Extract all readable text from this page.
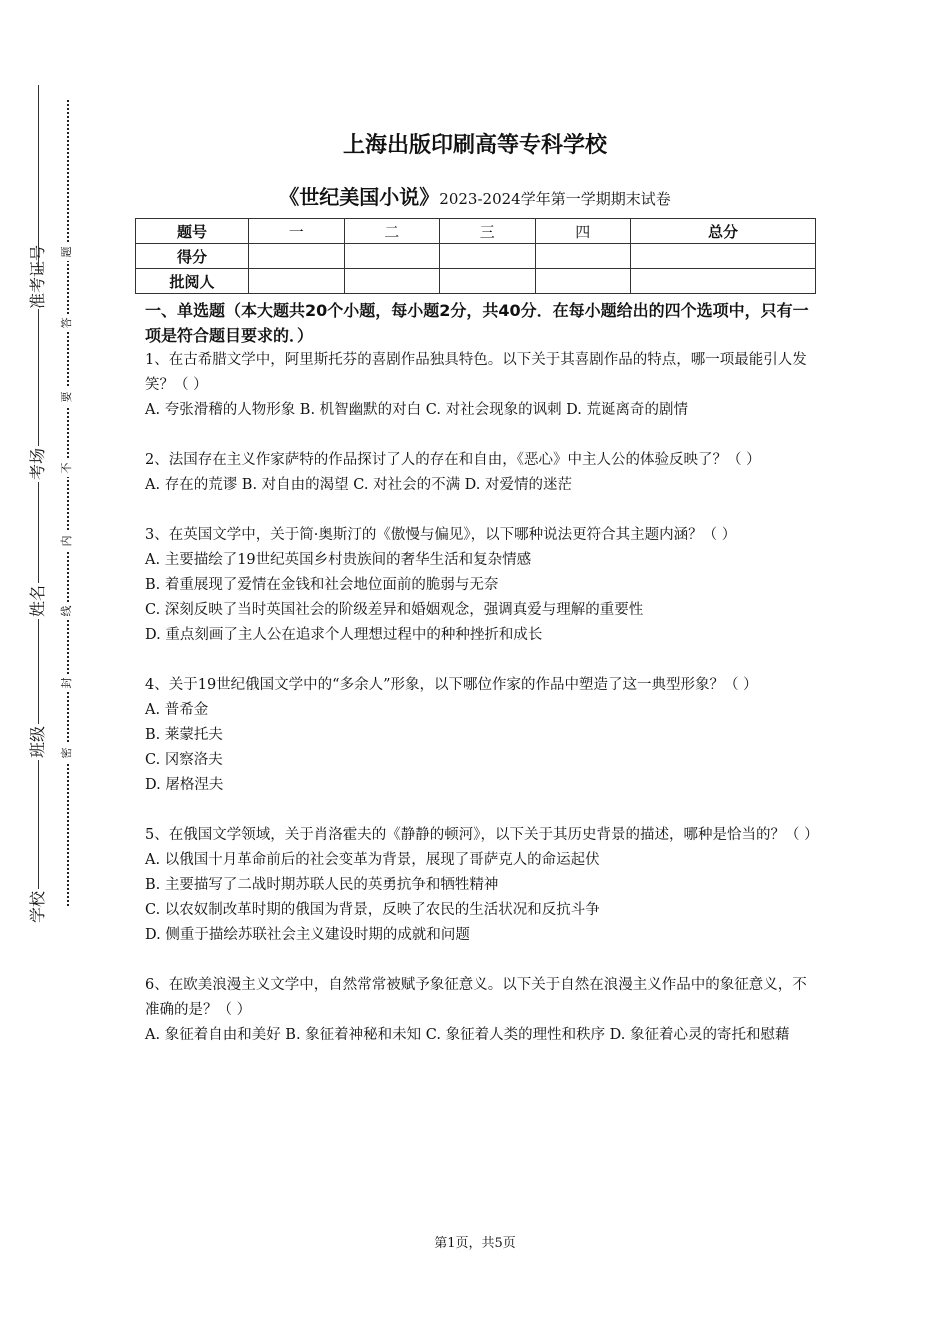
准考证号
考场
姓名
班级
学校
题
答
要
不
内
线
封
密
上海出版印刷高等专科学校
《世纪美国小说》2023-2024学年第一学期期末试卷
题号	一	二	三	四	总分
得分					
批阅人					
一、单选题（本大题共20个小题，每小题2分，共40分．在每小题给出的四个选项中，只有一项是符合题目要求的．）

1、在古希腊文学中，阿里斯托芬的喜剧作品独具特色。以下关于其喜剧作品的特点，哪一项最能引人发笑？（ ）

A. 夸张滑稽的人物形象 B. 机智幽默的对白 C. 对社会现象的讽刺 D. 荒诞离奇的剧情

2、法国存在主义作家萨特的作品探讨了人的存在和自由，《恶心》中主人公的体验反映了？（ ）

A. 存在的荒谬 B. 对自由的渴望 C. 对社会的不满 D. 对爱情的迷茫

3、在英国文学中，关于简·奥斯汀的《傲慢与偏见》，以下哪种说法更符合其主题内涵？（ ）

A. 主要描绘了19世纪英国乡村贵族间的奢华生活和复杂情感

B. 着重展现了爱情在金钱和社会地位面前的脆弱与无奈

C. 深刻反映了当时英国社会的阶级差异和婚姻观念，强调真爱与理解的重要性

D. 重点刻画了主人公在追求个人理想过程中的种种挫折和成长

4、关于19世纪俄国文学中的“多余人”形象，以下哪位作家的作品中塑造了这一典型形象？（ ）

A. 普希金

B. 莱蒙托夫

C. 冈察洛夫

D. 屠格涅夫

5、在俄国文学领域，关于肖洛霍夫的《静静的顿河》，以下关于其历史背景的描述，哪种是恰当的？（ ）

A. 以俄国十月革命前后的社会变革为背景，展现了哥萨克人的命运起伏

B. 主要描写了二战时期苏联人民的英勇抗争和牺牲精神

C. 以农奴制改革时期的俄国为背景，反映了农民的生活状况和反抗斗争

D. 侧重于描绘苏联社会主义建设时期的成就和问题

6、在欧美浪漫主义文学中，自然常常被赋予象征意义。以下关于自然在浪漫主义作品中的象征意义，不准确的是？（ ）

A. 象征着自由和美好 B. 象征着神秘和未知 C. 象征着人类的理性和秩序 D. 象征着心灵的寄托和慰藉

第1页，共5页
